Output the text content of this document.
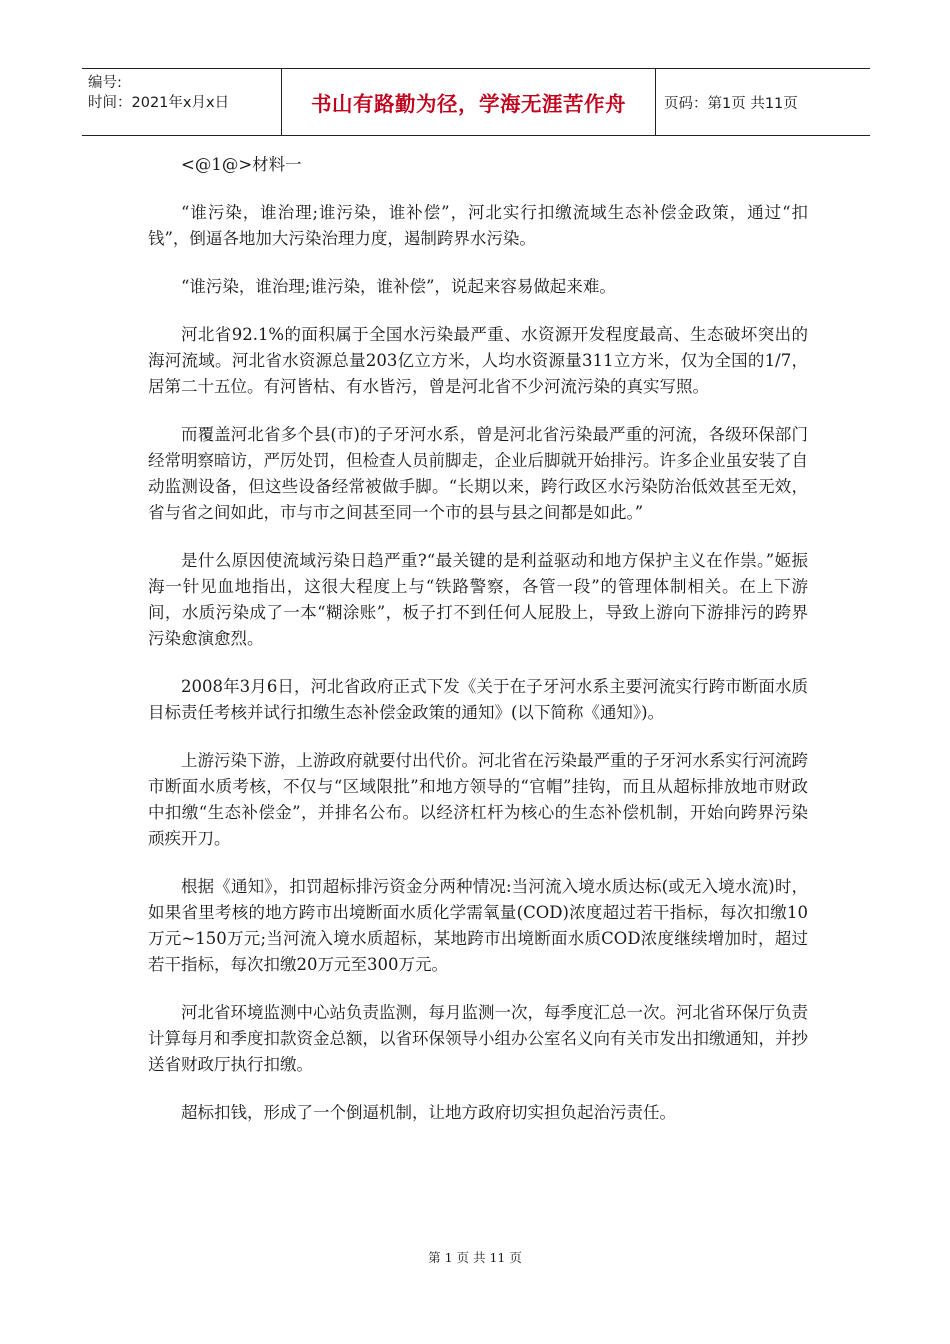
编号:
时间：2021年x月x日	书山有路勤为径，学海无涯苦作舟	页码：第1页 共11页

<@1@>材料一

“谁污染，谁治理;谁污染，谁补偿”，河北实行扣缴流域生态补偿金政策，通过“扣钱”，倒逼各地加大污染治理力度，遏制跨界水污染。

“谁污染，谁治理;谁污染，谁补偿”，说起来容易做起来难。

河北省92.1%的面积属于全国水污染最严重、水资源开发程度最高、生态破坏突出的海河流域。河北省水资源总量203亿立方米，人均水资源量311立方米，仅为全国的1/7，居第二十五位。有河皆枯、有水皆污，曾是河北省不少河流污染的真实写照。

而覆盖河北省多个县(市)的子牙河水系，曾是河北省污染最严重的河流，各级环保部门经常明察暗访，严厉处罚，但检查人员前脚走，企业后脚就开始排污。许多企业虽安装了自动监测设备，但这些设备经常被做手脚。“长期以来，跨行政区水污染防治低效甚至无效，省与省之间如此，市与市之间甚至同一个市的县与县之间都是如此。”

是什么原因使流域污染日趋严重?“最关键的是利益驱动和地方保护主义在作祟。”姬振海一针见血地指出，这很大程度上与“铁路警察，各管一段”的管理体制相关。在上下游间，水质污染成了一本“糊涂账”，板子打不到任何人屁股上，导致上游向下游排污的跨界污染愈演愈烈。

2008年3月6日，河北省政府正式下发《关于在子牙河水系主要河流实行跨市断面水质目标责任考核并试行扣缴生态补偿金政策的通知》(以下简称《通知》)。

上游污染下游，上游政府就要付出代价。河北省在污染最严重的子牙河水系实行河流跨市断面水质考核，不仅与“区域限批”和地方领导的“官帽”挂钩，而且从超标排放地市财政中扣缴“生态补偿金”，并排名公布。以经济杠杆为核心的生态补偿机制，开始向跨界污染顽疾开刀。

根据《通知》，扣罚超标排污资金分两种情况:当河流入境水质达标(或无入境水流)时，如果省里考核的地方跨市出境断面水质化学需氧量(COD)浓度超过若干指标，每次扣缴10万元~150万元;当河流入境水质超标，某地跨市出境断面水质COD浓度继续增加时，超过若干指标，每次扣缴20万元至300万元。

河北省环境监测中心站负责监测，每月监测一次，每季度汇总一次。河北省环保厅负责计算每月和季度扣款资金总额，以省环保领导小组办公室名义向有关市发出扣缴通知，并抄送省财政厅执行扣缴。

超标扣钱，形成了一个倒逼机制，让地方政府切实担负起治污责任。

第 1 页 共 11 页
